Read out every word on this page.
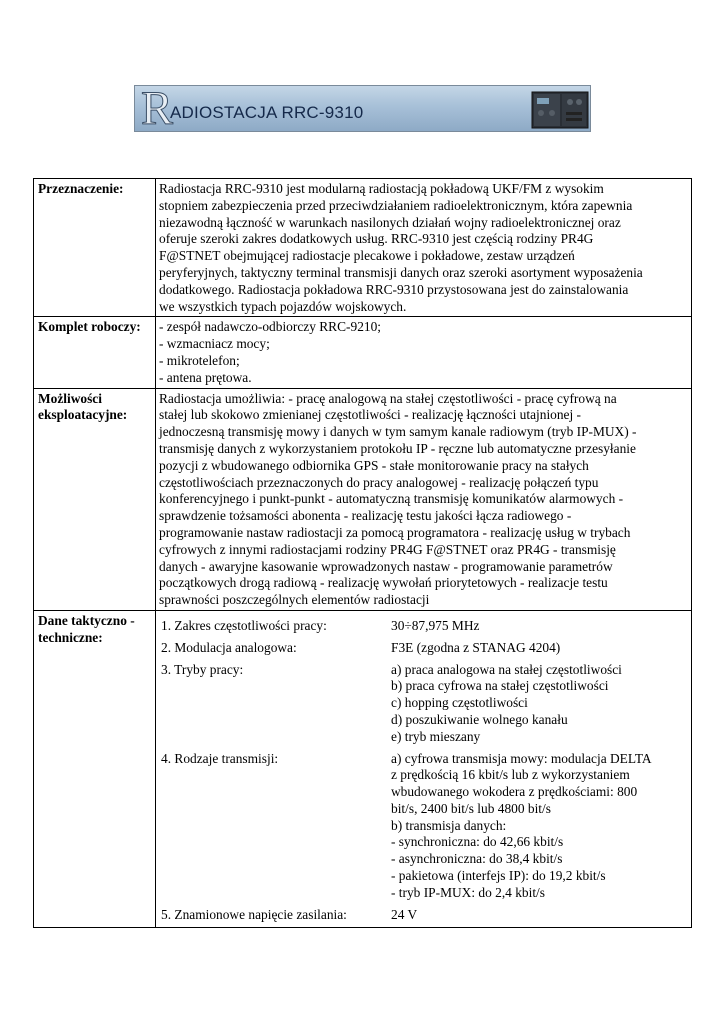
R
ADIOSTACJA RRC-9310
Przeznaczenie:	Radiostacja RRC-9310 jest modularną radiostacją pokładową UKF/FM z wysokim
stopniem zabezpieczenia przed przeciwdziałaniem radioelektronicznym, która zapewnia
niezawodną łączność w warunkach nasilonych działań wojny radioelektronicznej oraz
oferuje szeroki zakres dodatkowych usług. RRC-9310 jest częścią rodziny PR4G
F@STNET obejmującej radiostacje plecakowe i pokładowe, zestaw urządzeń
peryferyjnych, taktyczny terminal transmisji danych oraz szeroki asortyment wyposażenia
dodatkowego. Radiostacja pokładowa RRC-9310 przystosowana jest do zainstalowania
we wszystkich typach pojazdów wojskowych.

Komplet roboczy:	- zespół nadawczo-odbiorczy RRC-9210;
- wzmacniacz mocy;
- mikrotelefon;
- antena prętowa.

Możliwości
eksploatacyjne:

Radiostacja umożliwia: - pracę analogową na stałej częstotliwości - pracę cyfrową na
stałej lub skokowo zmienianej częstotliwości - realizację łączności utajnionej -
jednoczesną transmisję mowy i danych w tym samym kanale radiowym (tryb IP-MUX) -
transmisję danych z wykorzystaniem protokołu IP - ręczne lub automatyczne przesyłanie
pozycji z wbudowanego odbiornika GPS - stałe monitorowanie pracy na stałych
częstotliwościach przeznaczonych do pracy analogowej - realizację połączeń typu
konferencyjnego i punkt-punkt - automatyczną transmisję komunikatów alarmowych -
sprawdzenie tożsamości abonenta - realizację testu jakości łącza radiowego -
programowanie nastaw radiostacji za pomocą programatora - realizację usług w trybach
cyfrowych z innymi radiostacjami rodziny PR4G F@STNET oraz PR4G - transmisję
danych - awaryjne kasowanie wprowadzonych nastaw - programowanie parametrów
początkowych drogą radiową - realizację wywołań priorytetowych - realizacje testu
sprawności poszczególnych elementów radiostacji

Dane taktyczno -
techniczne:

1. Zakres częstotliwości pracy:	30÷87,975 MHz

2. Modulacja analogowa:	F3E (zgodna z STANAG 4204)

3. Tryby pracy:	a) praca analogowa na stałej częstotliwości
b) praca cyfrowa na stałej częstotliwości
c) hopping częstotliwości
d) poszukiwanie wolnego kanału
e) tryb mieszany

4. Rodzaje transmisji:	a) cyfrowa transmisja mowy: modulacja DELTA
z prędkością 16 kbit/s lub z wykorzystaniem
wbudowanego wokodera z prędkościami: 800
bit/s, 2400 bit/s lub 4800 bit/s
b) transmisja danych:
- synchroniczna: do 42,66 kbit/s
- asynchroniczna: do 38,4 kbit/s
- pakietowa (interfejs IP): do 19,2 kbit/s
- tryb IP-MUX: do 2,4 kbit/s

5. Znamionowe napięcie zasilania:	24 V
